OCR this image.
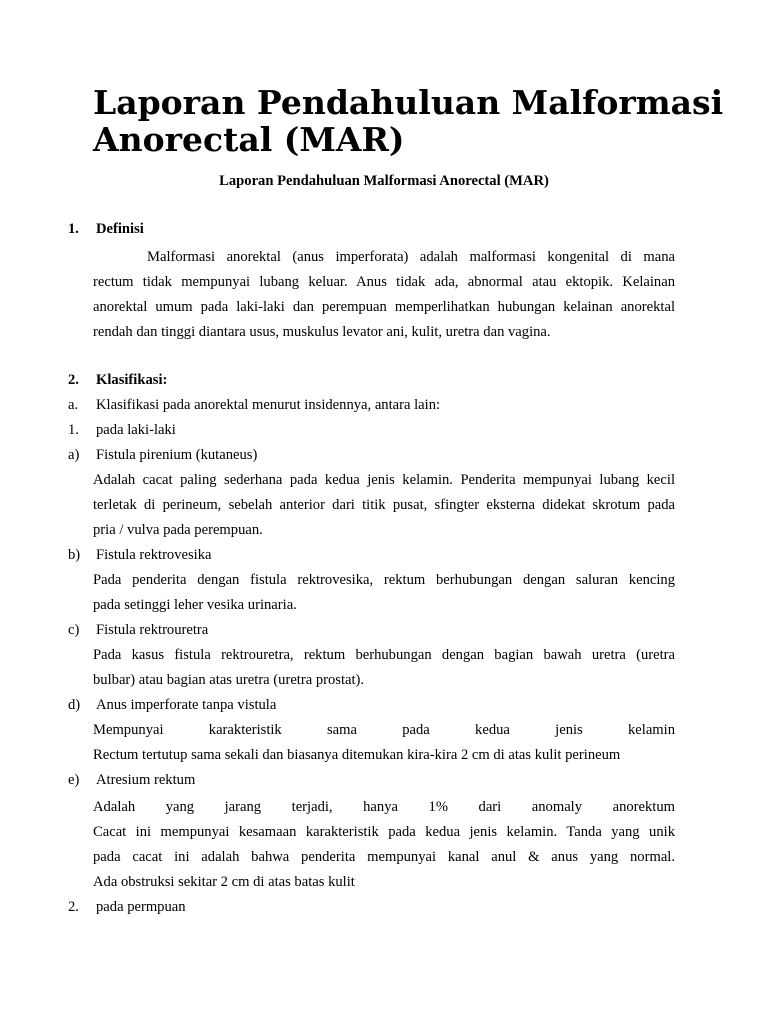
Laporan Pendahuluan Malformasi Anorectal (MAR)
Laporan Pendahuluan Malformasi Anorectal (MAR)
1. Definisi
Malformasi anorektal (anus imperforata) adalah malformasi kongenital di mana
rectum tidak mempunyai lubang keluar. Anus tidak ada, abnormal atau ektopik. Kelainan
anorektal umum pada laki-laki dan perempuan memperlihatkan hubungan kelainan anorektal
rendah dan tinggi diantara usus, muskulus levator ani, kulit, uretra dan vagina.
2. Klasifikasi:
a. Klasifikasi pada anorektal menurut insidennya, antara lain:
1. pada laki-laki
a) Fistula pirenium (kutaneus)
Adalah cacat paling sederhana pada kedua jenis kelamin. Penderita mempunyai lubang kecil
terletak di perineum, sebelah anterior dari titik pusat, sfingter eksterna didekat skrotum pada
pria / vulva pada perempuan.
b) Fistula rektrovesika
Pada penderita dengan fistula rektrovesika, rektum berhubungan dengan saluran kencing
pada setinggi leher vesika urinaria.
c) Fistula rektrouretra
Pada kasus fistula rektrouretra, rektum berhubungan dengan bagian bawah uretra (uretra
bulbar) atau bagian atas uretra (uretra prostat).
d) Anus imperforate tanpa vistula
Mempunyai karakteristik sama pada kedua jenis kelamin
Rectum tertutup sama sekali dan biasanya ditemukan kira-kira 2 cm di atas kulit perineum
e) Atresium rektum
Adalah yang jarang terjadi, hanya 1% dari anomaly anorektum
Cacat ini mempunyai kesamaan karakteristik pada kedua jenis kelamin. Tanda yang unik
pada cacat ini adalah bahwa penderita mempunyai kanal anul & anus yang normal.
Ada obstruksi sekitar 2 cm di atas batas kulit
2. pada permpuan
